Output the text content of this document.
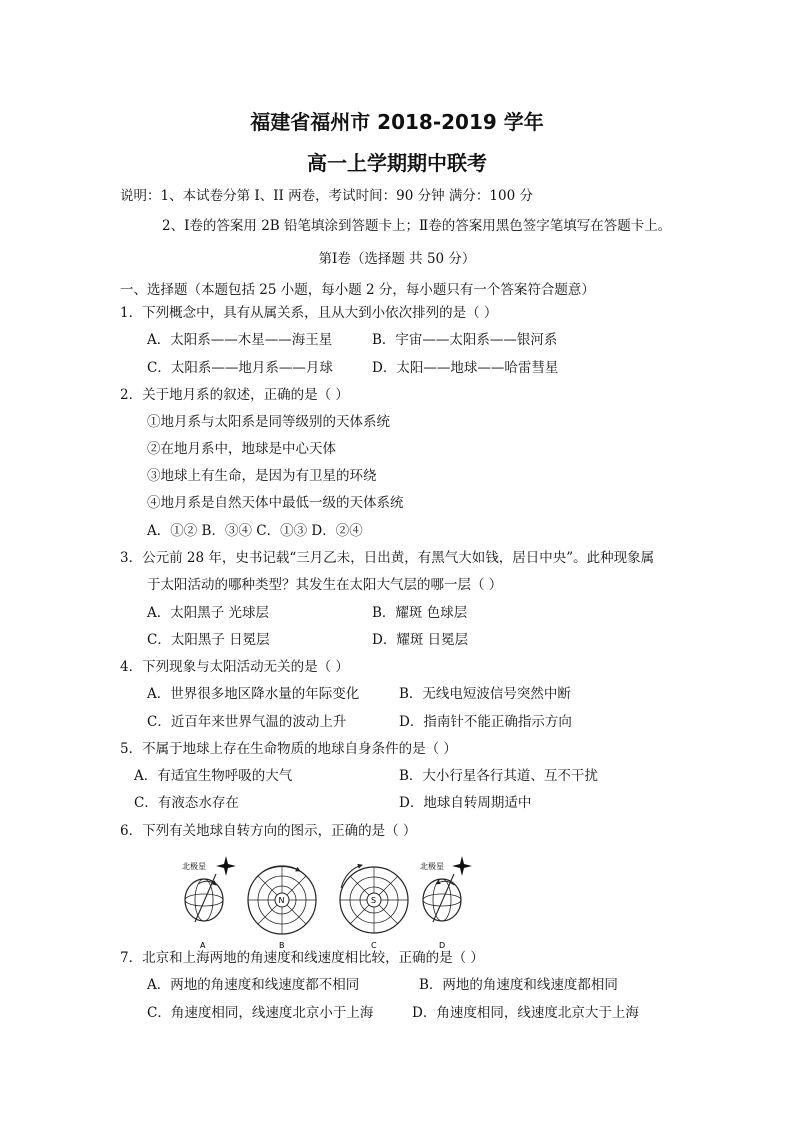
福建省福州市 2018-2019 学年
高一上学期期中联考
说明：1、本试卷分第 I、II 两卷，考试时间：90 分钟 满分：100 分
2、Ⅰ卷的答案用 2B 铅笔填涂到答题卡上；Ⅱ卷的答案用黑色签字笔填写在答题卡上。
第Ⅰ卷（选择题 共 50 分）
一、选择题（本题包括 25 小题，每小题 2 分，每小题只有一个答案符合题意）
1．下列概念中，具有从属关系，且从大到小依次排列的是（ ）
A．太阳系——木星——海王星	B．宇宙——太阳系——银河系
C．太阳系——地月系——月球	D．太阳——地球——哈雷彗星
2．关于地月系的叙述，正确的是（ ）
①地月系与太阳系是同等级别的天体系统
②在地月系中，地球是中心天体
③地球上有生命，是因为有卫星的环绕
④地月系是自然天体中最低一级的天体系统
A．①② B．③④ C．①③ D．②④
3．公元前 28 年，史书记载“三月乙未，日出黄，有黑气大如钱，居日中央”。此种现象属
于太阳活动的哪种类型？其发生在太阳大气层的哪一层（ ）
A．太阳黑子 光球层	B．耀斑 色球层
C．太阳黑子 日冕层	D．耀斑 日冕层
4．下列现象与太阳活动无关的是（ ）
A．世界很多地区降水量的年际变化	B．无线电短波信号突然中断
C．近百年来世界气温的波动上升	D．指南针不能正确指示方向
5．不属于地球上存在生命物质的地球自身条件的是（ ）
A．有适宜生物呼吸的大气	B．大小行星各行其道、互不干扰
C．有液态水存在	D．地球自转周期适中
6．下列有关地球自转方向的图示，正确的是（ ）
北极星
A
N
B
S
C
北极星
D
7．北京和上海两地的角速度和线速度相比较，正确的是（ ）
A．两地的角速度和线速度都不相同	B．两地的角速度和线速度都相同
C．角速度相同，线速度北京小于上海	D．角速度相同，线速度北京大于上海
